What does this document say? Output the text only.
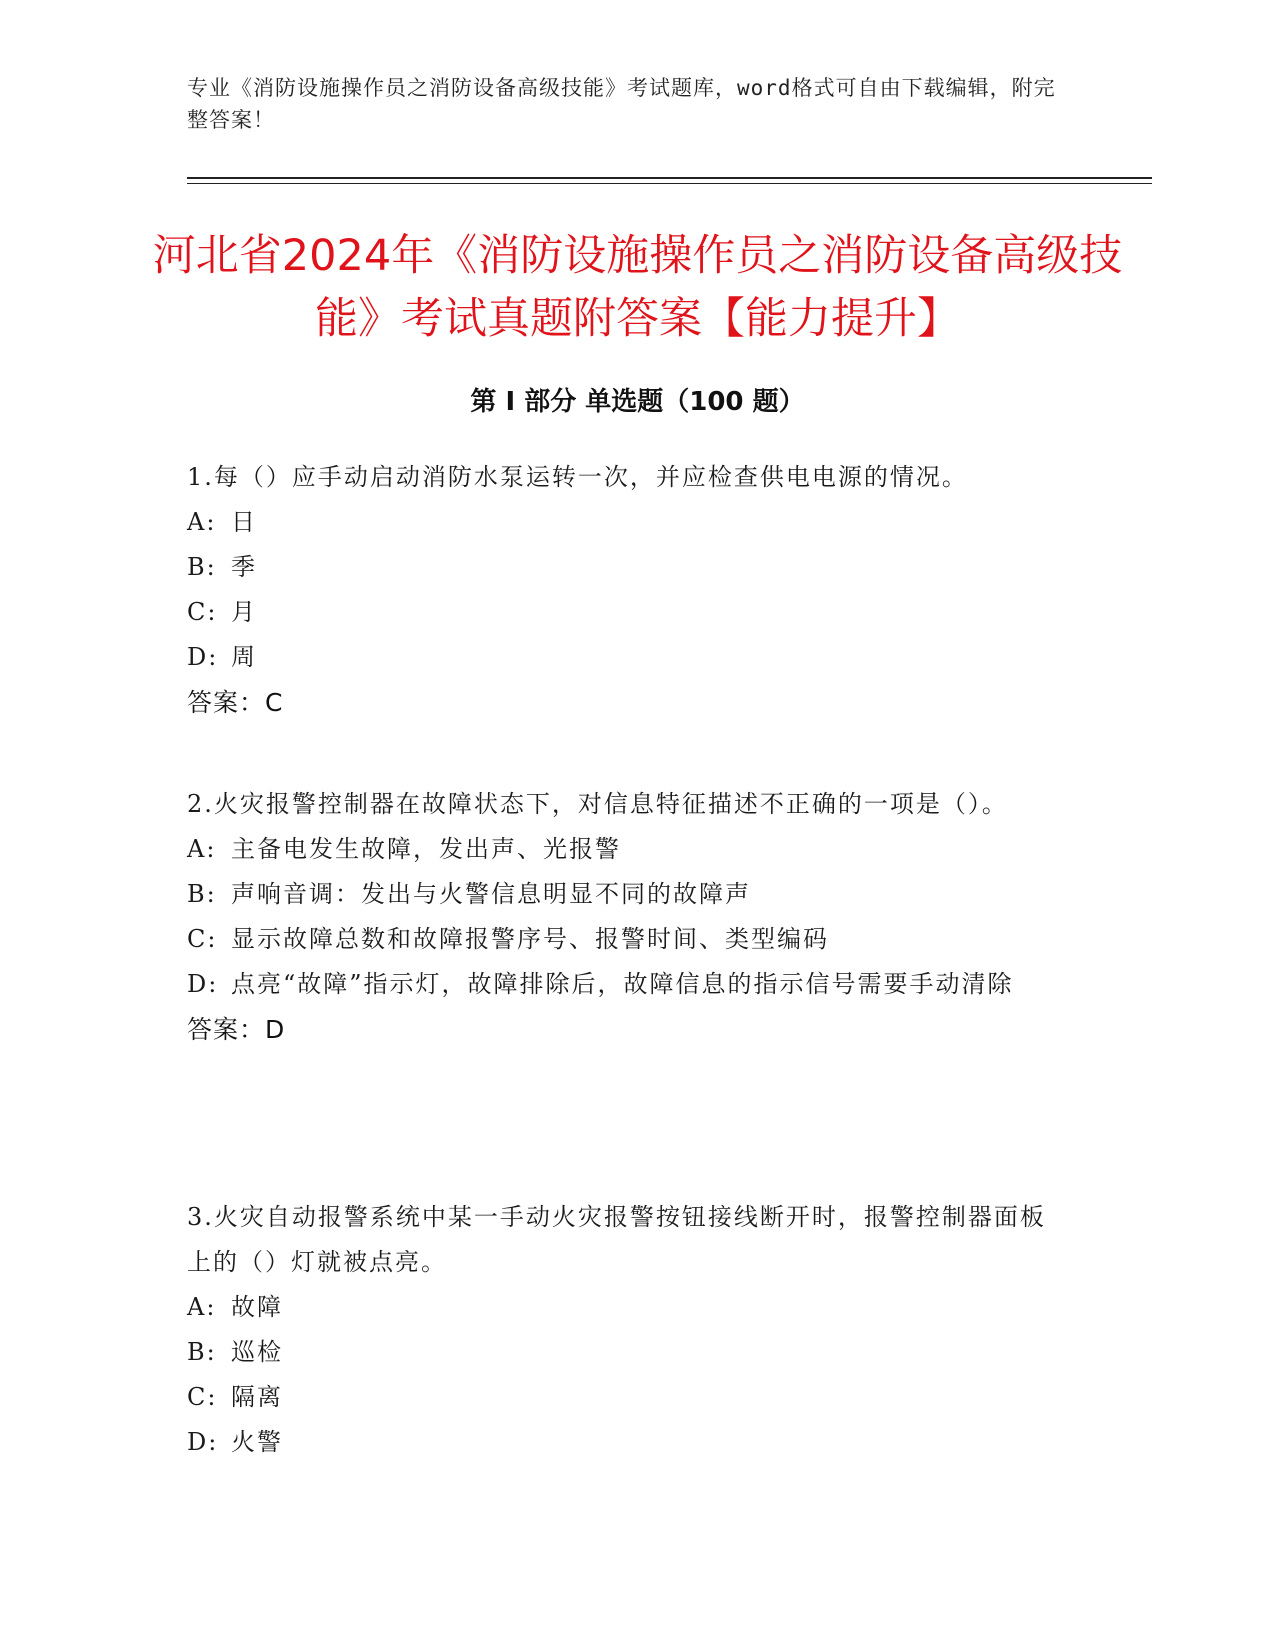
专业《消防设施操作员之消防设备高级技能》考试题库，word格式可自由下载编辑，附完整答案！
河北省2024年《消防设施操作员之消防设备高级技能》考试真题附答案【能力提升】
第 I 部分 单选题（100 题）

1.每（）应手动启动消防水泵运转一次，并应检查供电电源的情况。

A: 日

B: 季

C: 月

D: 周

答案：C

2.火灾报警控制器在故障状态下，对信息特征描述不正确的一项是（）。

A: 主备电发生故障，发出声、光报警

B: 声响音调：发出与火警信息明显不同的故障声

C: 显示故障总数和故障报警序号、报警时间、类型编码

D: 点亮“故障”指示灯，故障排除后，故障信息的指示信号需要手动清除

答案：D

3.火灾自动报警系统中某一手动火灾报警按钮接线断开时，报警控制器面板上的（）灯就被点亮。

A: 故障

B: 巡检

C: 隔离

D: 火警
